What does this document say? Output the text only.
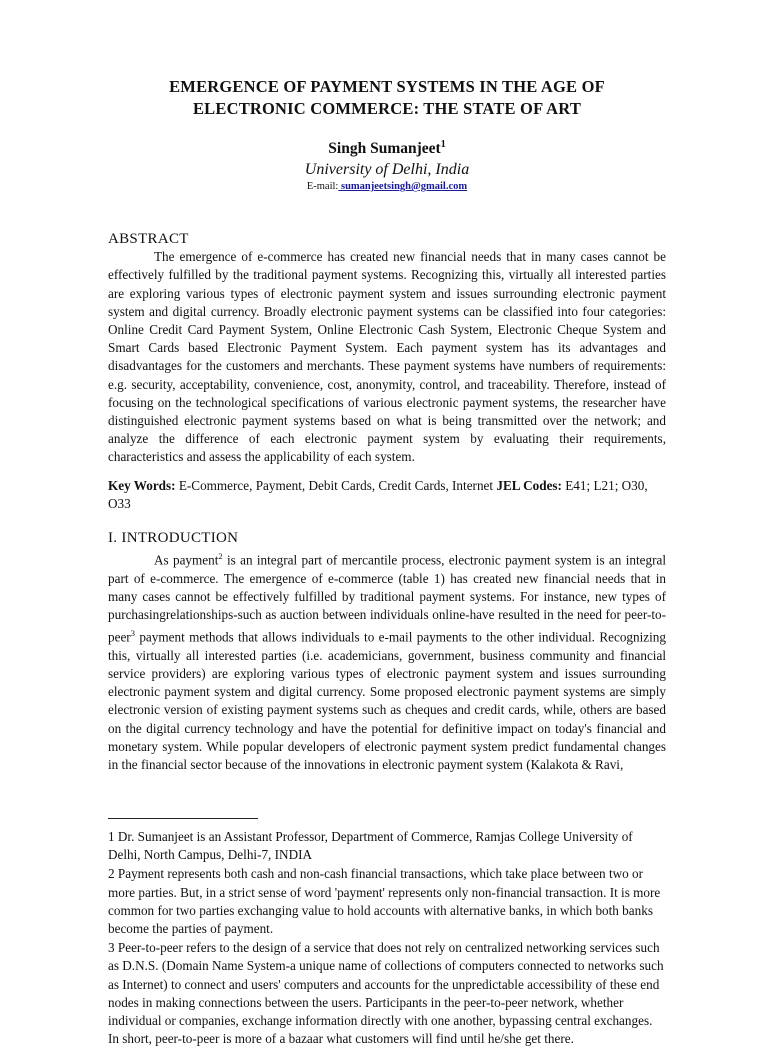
EMERGENCE OF PAYMENT SYSTEMS IN THE AGE OF
ELECTRONIC COMMERCE: THE STATE OF ART
Singh Sumanjeet$^1$
University of Delhi, India
E-mail: sumanjeetsingh@gmail.com
ABSTRACT

The emergence of e-commerce has created new financial needs that in many cases cannot be effectively fulfilled by the traditional payment systems. Recognizing this, virtually all interested parties are exploring various types of electronic payment system and issues surrounding electronic payment system and digital currency. Broadly electronic payment systems can be classified into four categories: Online Credit Card Payment System, Online Electronic Cash System, Electronic Cheque System and Smart Cards based Electronic Payment System. Each payment system has its advantages and disadvantages for the customers and merchants. These payment systems have numbers of requirements: e.g. security, acceptability, convenience, cost, anonymity, control, and traceability. Therefore, instead of focusing on the technological specifications of various electronic payment systems, the researcher have distinguished electronic payment systems based on what is being transmitted over the network; and analyze the difference of each electronic payment system by evaluating their requirements, characteristics and assess the applicability of each system.

Key Words: E-Commerce, Payment, Debit Cards, Credit Cards, Internet JEL Codes: E41; L21; O30, O33

I. INTRODUCTION

As payment$^2$ is an integral part of mercantile process, electronic payment system is an integral part of e-commerce. The emergence of e-commerce (table 1) has created new financial needs that in many cases cannot be effectively fulfilled by traditional payment systems. For instance, new types of purchasingrelationships-such as auction between individuals online-have resulted in the need for peer-to-peer$^3$ payment methods that allows individuals to e-mail payments to the other individual. Recognizing this, virtually all interested parties (i.e. academicians, government, business community and financial service providers) are exploring various types of electronic payment system and issues surrounding electronic payment system and digital currency. Some proposed electronic payment systems are simply electronic version of existing payment systems such as cheques and credit cards, while, others are based on the digital currency technology and have the potential for definitive impact on today's financial and monetary system. While popular developers of electronic payment system predict fundamental changes in the financial sector because of the innovations in electronic payment system (Kalakota & Ravi,

1 Dr. Sumanjeet is an Assistant Professor, Department of Commerce, Ramjas College University of Delhi, North Campus, Delhi-7, INDIA

2 Payment represents both cash and non-cash financial transactions, which take place between two or more parties. But, in a strict sense of word 'payment' represents only non-financial transaction. It is more common for two parties exchanging value to hold accounts with alternative banks, in which both banks become the parties of payment.

3 Peer-to-peer refers to the design of a service that does not rely on centralized networking services such as D.N.S. (Domain Name System-a unique name of collections of computers connected to networks such as Internet) to connect and users' computers and accounts for the unpredictable accessibility of these end nodes in making connections between the users. Participants in the peer-to-peer network, whether individual or companies, exchange information directly with one another, bypassing central exchanges. In short, peer-to-peer is more of a bazaar what customers will find until he/she get there.
